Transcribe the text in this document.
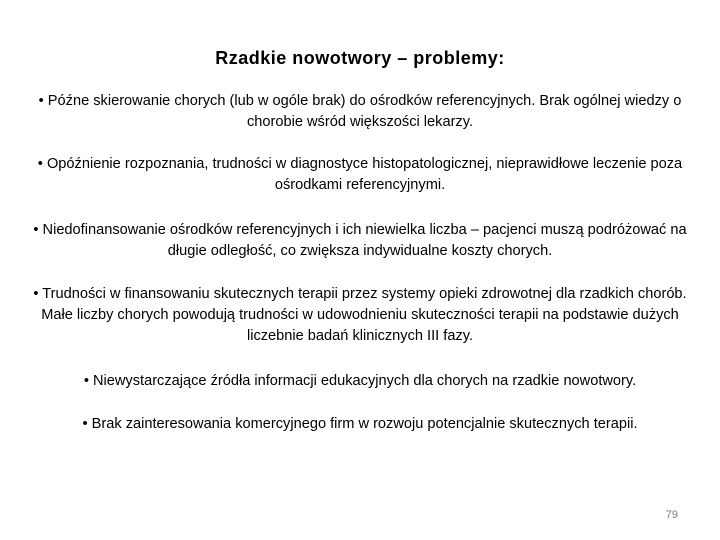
Rzadkie nowotwory – problemy:
• Późne skierowanie chorych (lub w ogóle brak) do ośrodków referencyjnych. Brak ogólnej wiedzy o chorobie wśród większości lekarzy.
• Opóźnienie rozpoznania, trudności w diagnostyce histopatologicznej, nieprawidłowe leczenie poza ośrodkami referencyjnymi.
• Niedofinansowanie ośrodków referencyjnych i ich niewielka liczba – pacjenci muszą podróżować na długie odległość, co zwiększa indywidualne koszty chorych.
• Trudności w finansowaniu skutecznych terapii przez systemy opieki zdrowotnej dla rzadkich chorób. Małe liczby chorych powodują trudności w udowodnieniu skuteczności terapii na podstawie dużych liczebnie badań klinicznych III fazy.
• Niewystarczające źródła informacji edukacyjnych dla chorych na rzadkie nowotwory.
• Brak zainteresowania komercyjnego firm w rozwoju potencjalnie skutecznych terapii.
79
